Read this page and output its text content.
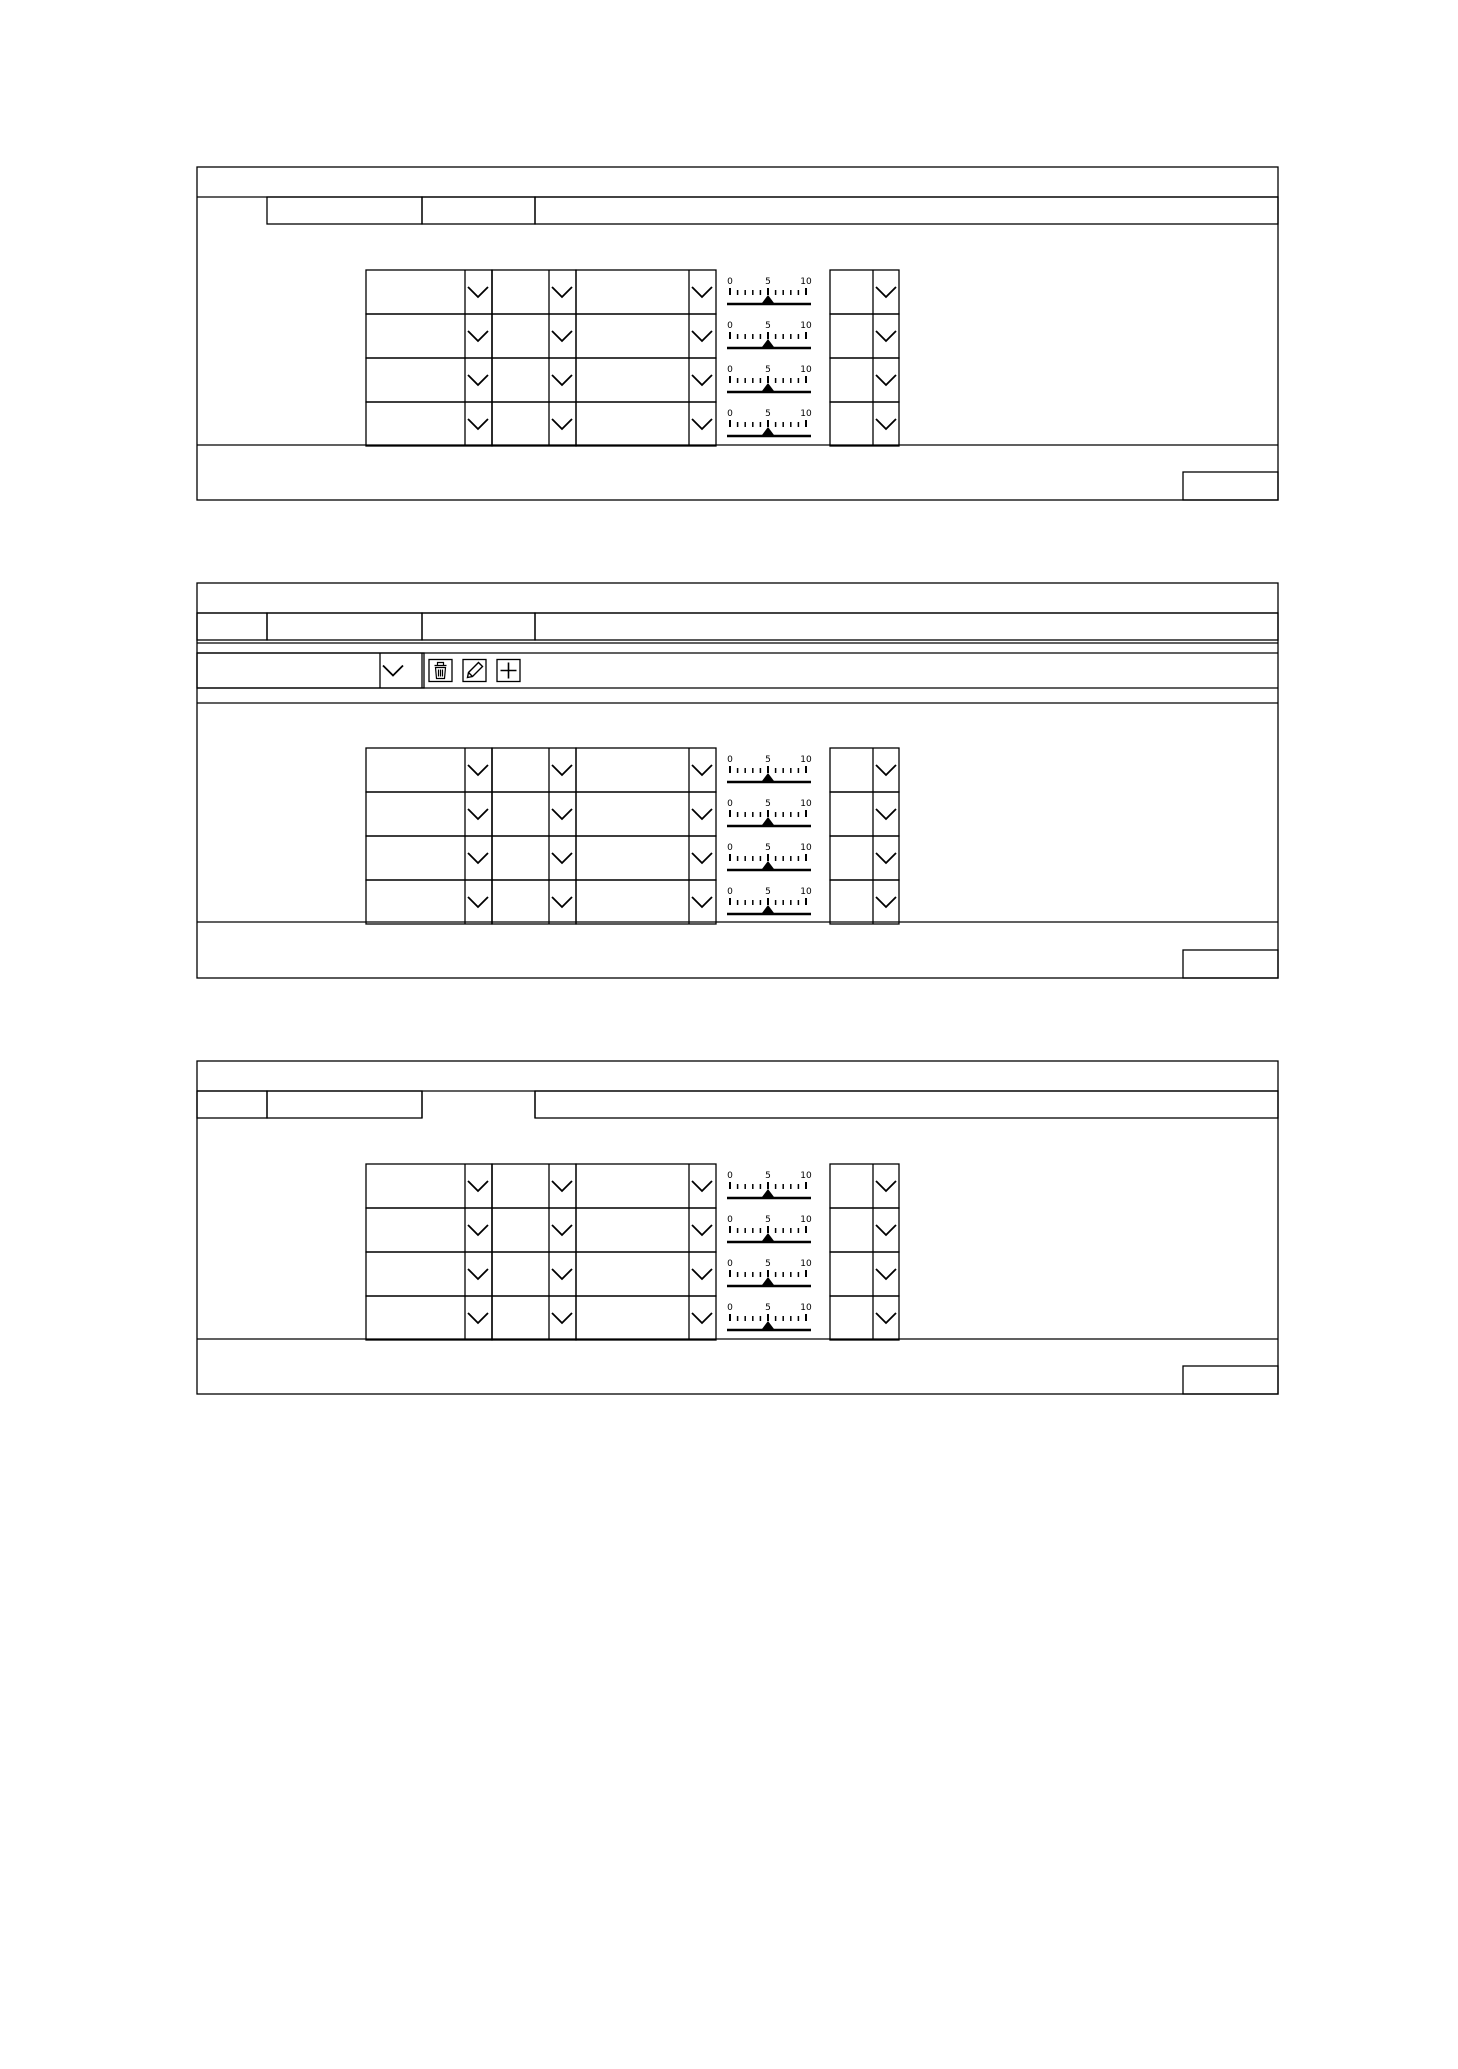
0	5	10
0	5	10
0	5	10
0	5	10
0	5	10
0	5	10
0	5	10
0	5	10
0	5	10
0	5	10
0	5	10
0	5	10
